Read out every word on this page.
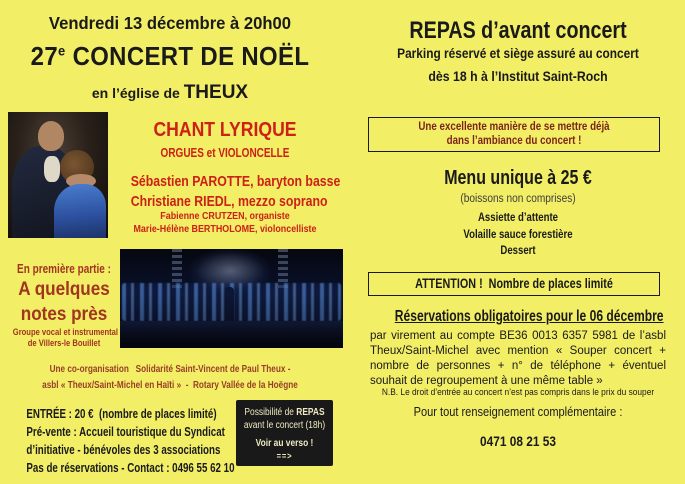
Vendredi 13 décembre à 20h00
27e CONCERT DE NOËL
en l’église de THEUX
CHANT LYRIQUE
ORGUES et VIOLONCELLE
Sébastien PAROTTE, baryton basse
Christiane RIEDL, mezzo soprano
Fabienne CRUTZEN, organiste
Marie-Hélène BERTHOLOME, violoncelliste
En première partie :
A quelques
notes près
Groupe vocal et instrumental
de Villers-le Bouillet
Une co-organisation   Solidarité Saint-Vincent de Paul Theux -
asbl « Theux/Saint-Michel en Haïti »  -  Rotary Vallée de la Hoëgne
ENTRÉE : 20 €  (nombre de places limité)
Pré-vente : Accueil touristique du Syndicat
d’initiative - bénévoles des 3 associations
Pas de réservations - Contact : 0496 55 62 10
Possibilité de REPAS
avant le concert (18h)
Voir au verso !
==>
REPAS d’avant concert
Parking réservé et siège assuré au concert
dès 18 h à l’Institut Saint-Roch
Une excellente manière de se mettre déjà
dans l’ambiance du concert !
Menu unique à 25 €
(boissons non comprises)
Assiette d’attente
Volaille sauce forestière
Dessert
ATTENTION !  Nombre de places limité
Réservations obligatoires pour le 06 décembre
par virement au compte BE36 0013 6357 5981 de l’asbl Theux/Saint-Michel avec mention « Souper concert + nombre de personnes + n° de téléphone + éventuel souhait de regroupement à une même table »
N.B. Le droit d’entrée au concert n’est pas compris dans le prix du souper
Pour tout renseignement complémentaire :
0471 08 21 53
